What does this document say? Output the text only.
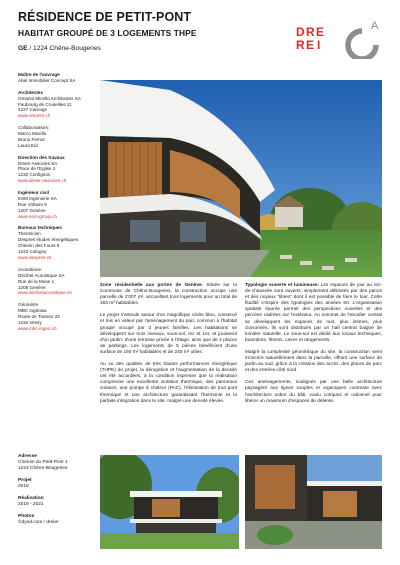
RÉSIDENCE DE PETIT-PONT
HABITAT GROUPÉ DE 3 LOGEMENTS THPE
GE / 1224 Chêne-Bougeries
D R E
R E I
A
Maître de l'ouvrage
Abel Immobilier Concept SA
Architectes
Omarini Micello Architectes SA
Faubourg de Cruseilles 11
1227 Carouge
www.omarini.ch
Collaborateurs:
Marco Micello
Bruno Ferraz
Laura Eid
Direction des travaux
Dreier Associés SA
Place de l'Eglise 2
1232 Confignon
www.dreier-associes.ch
Ingénieur civil
ESM Ingénierie SA
Rue Voltaire 8
1207 Genève
www.esm-group.ch
Bureaux techniques
Thermicien
Despres études énergétiques
Chemin des Fours 8
1223 Cologny
www.despres.ch
Acousticien
Décibel Acoustique SA
Rue de la Muse 1
1205 Genève
www.decibelacoustique.ch
Géomètre
MBC ingéosia
Route de Tramex 33
1234 Vessy
www.mbc-ingeo.ch
Adresse
Chemin du Petit-Pont 1
1224 Chêne-Bougeries
Projet
2018
Réalisation
2019 - 2021
Photos
©dyod.com / dreier

Zone résidentielle aux portes de Genève. Située sur la Commune de Chêne-Bougeries, la construction occupe une parcelle de 1'007 m², accueillant trois logements pour un total de 483 m² habitables.

Le projet s'articule autour d'un magnifique cèdre bleu, conservé et mis en valeur par l'aménagement du parc commun à l'habitat groupé occupé par 3 jeunes familles. Les habitations se développent sur trois niveaux, sous-sol, rez et 1er, et jouissent d'un jardin, d'une terrasse privée à l'étage, ainsi que de 2 places de parkings. Les logements de 5 pièces bénéficient d'une surface de 160 m² habitables et de 240 m² utiles.

Au vu des qualités de très hautes performances énergétique (THPE) du projet, la dérogation et l'augmentation de la densité ont été accordées, à la condition expresse que la réalisation comprenne une excellente isolation thermique, des panneaux solaires, une pompe à chaleur (PAC), l'élimination de tout pont thermique et une architecture garantissant l'harmonie et la parfaite intégration dans le site, malgré une densité élevée.

Typologie ouverte et lumineuse. Les espaces de jour au rez-de-chaussée sont ouverts, simplement délimités par des parois et des noyaux "libres" dont il est possible de faire le tour. Cette fluidité s'inspire des typologies des années 60. L'organisation spatiale épurée permet des perspectives ouvertes et des percées cadrées sur l'extérieur. Au sommet de l'escalier central se développent les espaces de nuit, plus intimes, plus cloisonnés, ils sont distribués par un hall central baigné de lumière naturelle. Le sous-sol est dédié aux locaux techniques, buanderie, fitness, caves et rangements.

Malgré la complexité géométrique du site, la construction vient s'inscrire naturellement dans la parcelle, offrant une surface de jardin au sud, grâce à la création des accès, des places de parc et des entrées côté nord.

Ces aménagements, soulignés par une belle architecture paysagère aux lignes souples et organiques contraste avec l'architecture sobre du bâti, voulu compact et rationnel pour libérer un maximum d'espaces de détente.
